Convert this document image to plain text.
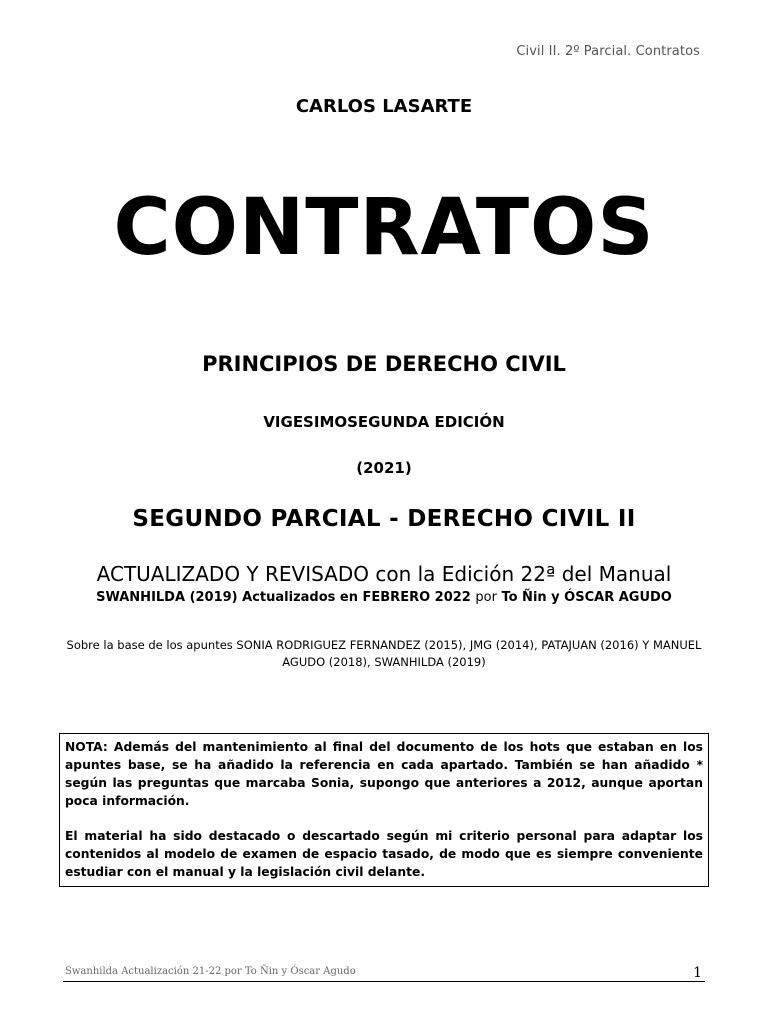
Civil II. 2º Parcial. Contratos
CARLOS LASARTE
CONTRATOS
PRINCIPIOS DE DERECHO CIVIL
VIGESIMOSEGUNDA EDICIÓN
(2021)
SEGUNDO PARCIAL - DERECHO CIVIL II
ACTUALIZADO Y REVISADO con la Edición 22ª del Manual
SWANHILDA (2019) Actualizados en FEBRERO 2022 por To Ñin y ÓSCAR AGUDO
Sobre la base de los apuntes SONIA RODRIGUEZ FERNANDEZ (2015), JMG (2014), PATAJUAN (2016) Y MANUEL AGUDO (2018), SWANHILDA (2019)

NOTA: Además del mantenimiento al final del documento de los hots que estaban en los apuntes base, se ha añadido la referencia en cada apartado. También se han añadido * según las preguntas que marcaba Sonia, supongo que anteriores a 2012, aunque aportan poca información.

El material ha sido destacado o descartado según mi criterio personal para adaptar los contenidos al modelo de examen de espacio tasado, de modo que es siempre conveniente estudiar con el manual y la legislación civil delante.

Swanhilda Actualización 21-22 por To Ñin y Óscar Agudo	1
